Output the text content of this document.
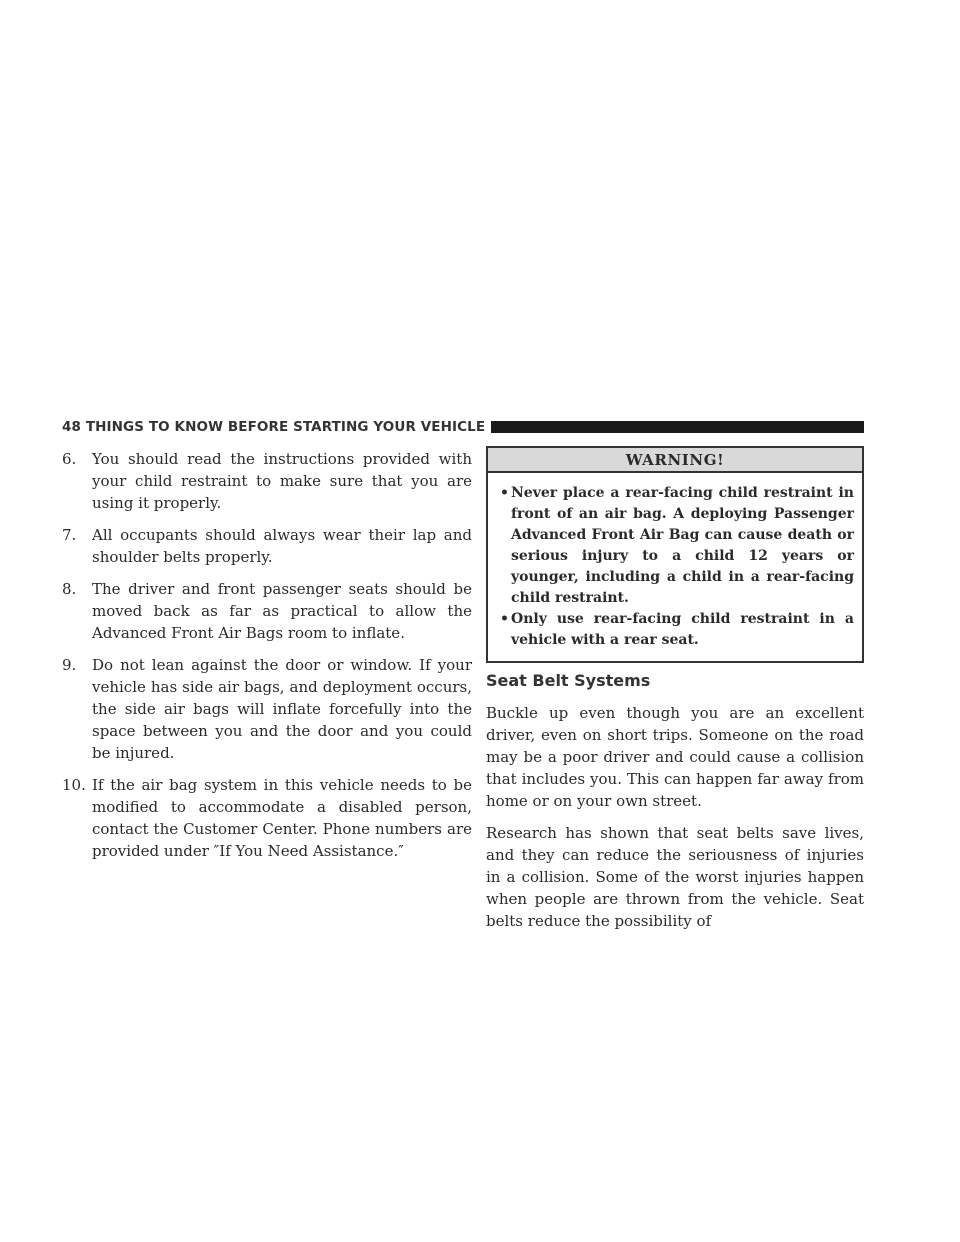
48 THINGS TO KNOW BEFORE STARTING YOUR VEHICLE
6.	You should read the instructions provided with your child restraint to make sure that you are using it properly.
7.	All occupants should always wear their lap and shoulder belts properly.
8.	The driver and front passenger seats should be moved back as far as practical to allow the Advanced Front Air Bags room to inflate.
9.	Do not lean against the door or window. If your vehicle has side air bags, and deployment occurs, the side air bags will inflate forcefully into the space between you and the door and you could be injured.
10. If the air bag system in this vehicle needs to be modified to accommodate a disabled person, contact the Customer Center. Phone numbers are provided under ″If You Need Assistance.″
WARNING!
• Never place a rear-facing child restraint in front of an air bag. A deploying Passenger Advanced Front Air Bag can cause death or serious injury to a child 12 years or younger, including a child in a rear-facing child restraint.
• Only use rear-facing child restraint in a vehicle with a rear seat.
Seat Belt Systems

Buckle up even though you are an excellent driver, even on short trips. Someone on the road may be a poor driver and could cause a collision that includes you. This can happen far away from home or on your own street.

Research has shown that seat belts save lives, and they can reduce the seriousness of injuries in a collision. Some of the worst injuries happen when people are thrown from the vehicle. Seat belts reduce the possibility of
